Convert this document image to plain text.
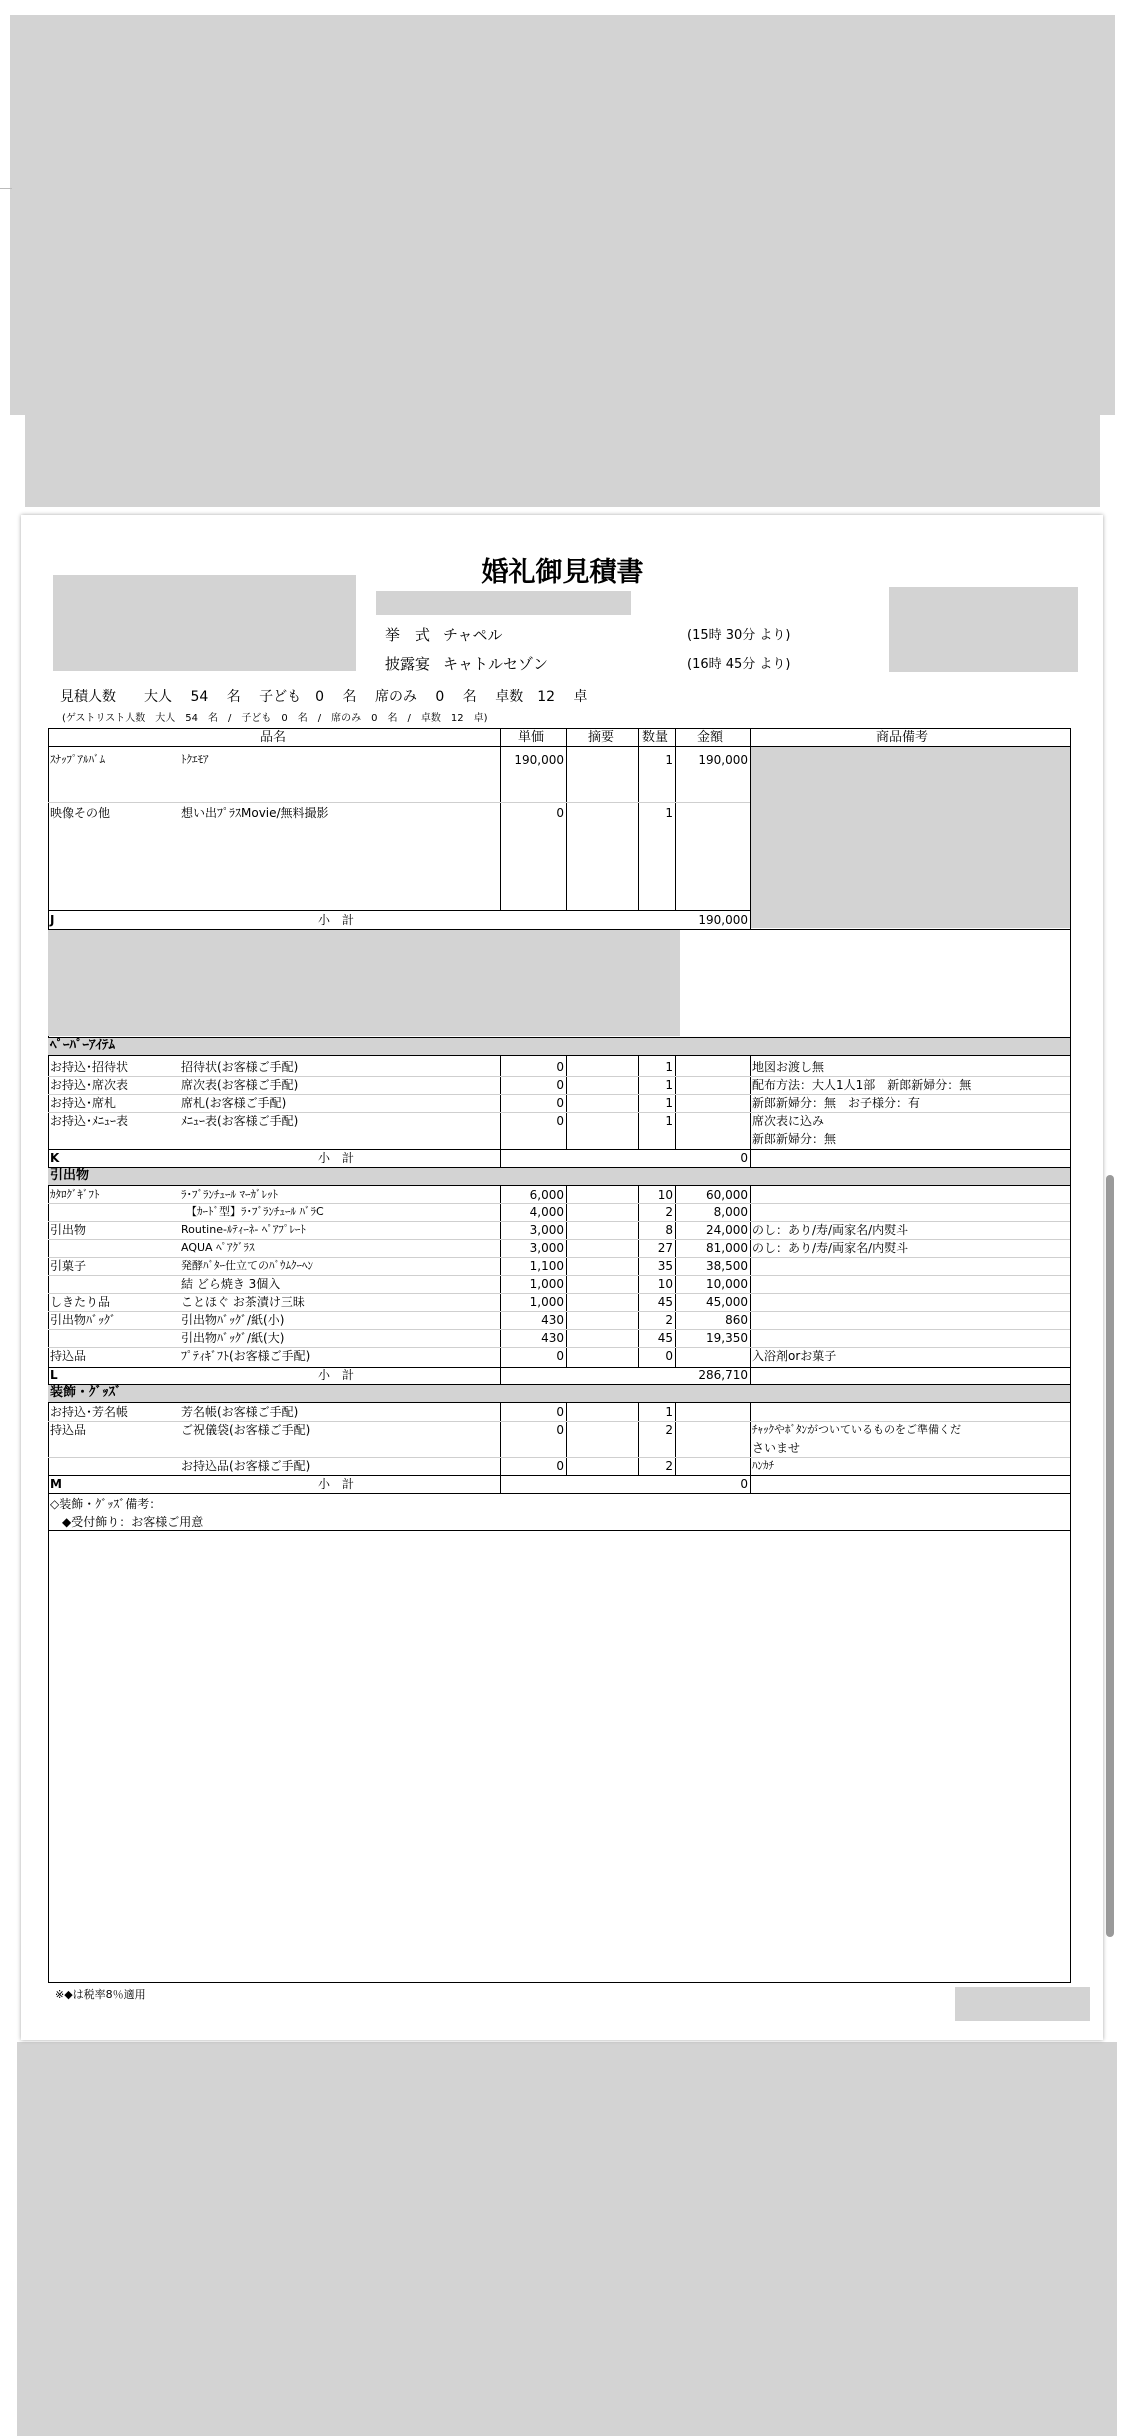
婚礼御見積書
挙　式 チャペル	(15時 30分 より)
披露宴 キャトルセゾン	(16時 45分 より)
見積人数　　大人　 54　 名　 子ども　0　 名　 席のみ　 0　 名　 卓数　12　 卓
(ゲストリスト人数　大人　54　名　/　子ども　0　名　/　席のみ　0　名　/　卓数　12　卓)
品名	単価	摘要 数量 金額	商品備考
ｽﾅｯﾌﾟｱﾙﾊﾞﾑ	ﾄｸｴﾓｱ	190,000	1	190,000
映像その他	想い出ﾌﾟﾗｽMovie/無料撮影	0	1
J	小　計	190,000
ﾍﾟｰﾊﾟｰｱｲﾃﾑ
お持込･招待状	招待状(お客様ご手配)	0	1	地図お渡し無
お持込･席次表	席次表(お客様ご手配)	0	1	配布方法：大人1人1部　新郎新婦分：無
お持込･席札	席札(お客様ご手配)	0	1	新郎新婦分：無　お子様分：有
お持込･ﾒﾆｭｰ表	ﾒﾆｭｰ表(お客様ご手配)	0	1	席次表に込み
新郎新婦分：無
K	小　計	0
引出物
ｶﾀﾛｸﾞｷﾞﾌﾄ	ﾗ･ﾌﾞﾗﾝﾁｭｰﾙ ﾏｰｶﾞﾚｯﾄ	6,000	10	60,000
【ｶｰﾄﾞ型】ﾗ･ﾌﾞﾗﾝﾁｭｰﾙ ﾊﾞﾗC	4,000	2	8,000
引出物	Routine-ﾙﾃｨｰﾈ- ﾍﾟｱﾌﾟﾚｰﾄ	3,000	8	24,000 のし：あり/寿/両家名/内熨斗
AQUA ﾍﾟｱｸﾞﾗｽ	3,000	27	81,000 のし：あり/寿/両家名/内熨斗
引菓子	発酵ﾊﾞﾀｰ仕立てのﾊﾞｳﾑｸｰﾍﾝ	1,100	35	38,500
結 どら焼き 3個入	1,000	10	10,000
しきたり品	ことほぐ お茶漬け三昧	1,000	45	45,000
引出物ﾊﾞｯｸﾞ	引出物ﾊﾞｯｸﾞ/紙(小)	430	2	860
引出物ﾊﾞｯｸﾞ/紙(大)	430	45	19,350
持込品	ﾌﾟﾃｨｷﾞﾌﾄ(お客様ご手配)	0	0	入浴剤orお菓子
L	小　計	286,710
装飾・ｸﾞｯｽﾞ
お持込･芳名帳	芳名帳(お客様ご手配)	0	1
持込品	ご祝儀袋(お客様ご手配)	0	2	ﾁｬｯｸやﾎﾞﾀﾝがついているものをご準備くだ
さいませ
お持込品(お客様ご手配)	0	2	ﾊﾝｶﾁ
M	小　計	0
◇装飾・ｸﾞｯｽﾞ備考：
◆受付飾り：お客様ご用意
※◆は税率8％適用
